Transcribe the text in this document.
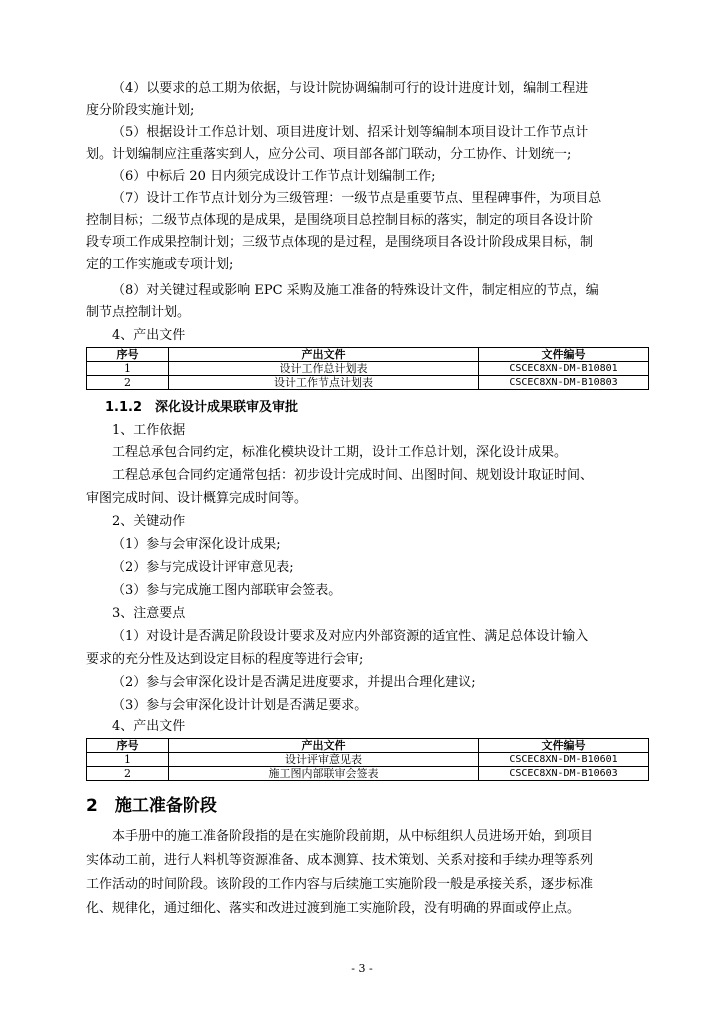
（4）以要求的总工期为依据，与设计院协调编制可行的设计进度计划，编制工程进
度分阶段实施计划;
（5）根据设计工作总计划、项目进度计划、招采计划等编制本项目设计工作节点计
划。计划编制应注重落实到人，应分公司、项目部各部门联动，分工协作、计划统一;
（6）中标后 20 日内须完成设计工作节点计划编制工作;
（7）设计工作节点计划分为三级管理：一级节点是重要节点、里程碑事件，为项目总
控制目标；二级节点体现的是成果，是围绕项目总控制目标的落实，制定的项目各设计阶
段专项工作成果控制计划；三级节点体现的是过程，是围绕项目各设计阶段成果目标，制
定的工作实施或专项计划;
（8）对关键过程或影响 EPC 采购及施工准备的特殊设计文件，制定相应的节点，编
制节点控制计划。
4、产出文件
序号	产出文件	文件编号
1	设计工作总计划表	CSCEC8XN-DM-B10801
2	设计工作节点计划表	CSCEC8XN-DM-B10803
1.1.2　深化设计成果联审及审批
1、工作依据
工程总承包合同约定，标准化模块设计工期，设计工作总计划，深化设计成果。
工程总承包合同约定通常包括：初步设计完成时间、出图时间、规划设计取证时间、
审图完成时间、设计概算完成时间等。
2、关键动作
（1）参与会审深化设计成果;
（2）参与完成设计评审意见表;
（3）参与完成施工图内部联审会签表。
3、注意要点
（1）对设计是否满足阶段设计要求及对应内外部资源的适宜性、满足总体设计输入
要求的充分性及达到设定目标的程度等进行会审;
（2）参与会审深化设计是否满足进度要求，并提出合理化建议;
（3）参与会审深化设计计划是否满足要求。
4、产出文件
序号	产出文件	文件编号
1	设计评审意见表	CSCEC8XN-DM-B10601
2	施工图内部联审会签表	CSCEC8XN-DM-B10603
2　施工准备阶段
本手册中的施工准备阶段指的是在实施阶段前期，从中标组织人员进场开始，到项目
实体动工前，进行人料机等资源准备、成本测算、技术策划、关系对接和手续办理等系列
工作活动的时间阶段。该阶段的工作内容与后续施工实施阶段一般是承接关系，逐步标准
化、规律化，通过细化、落实和改进过渡到施工实施阶段，没有明确的界面或停止点。
- 3 -
